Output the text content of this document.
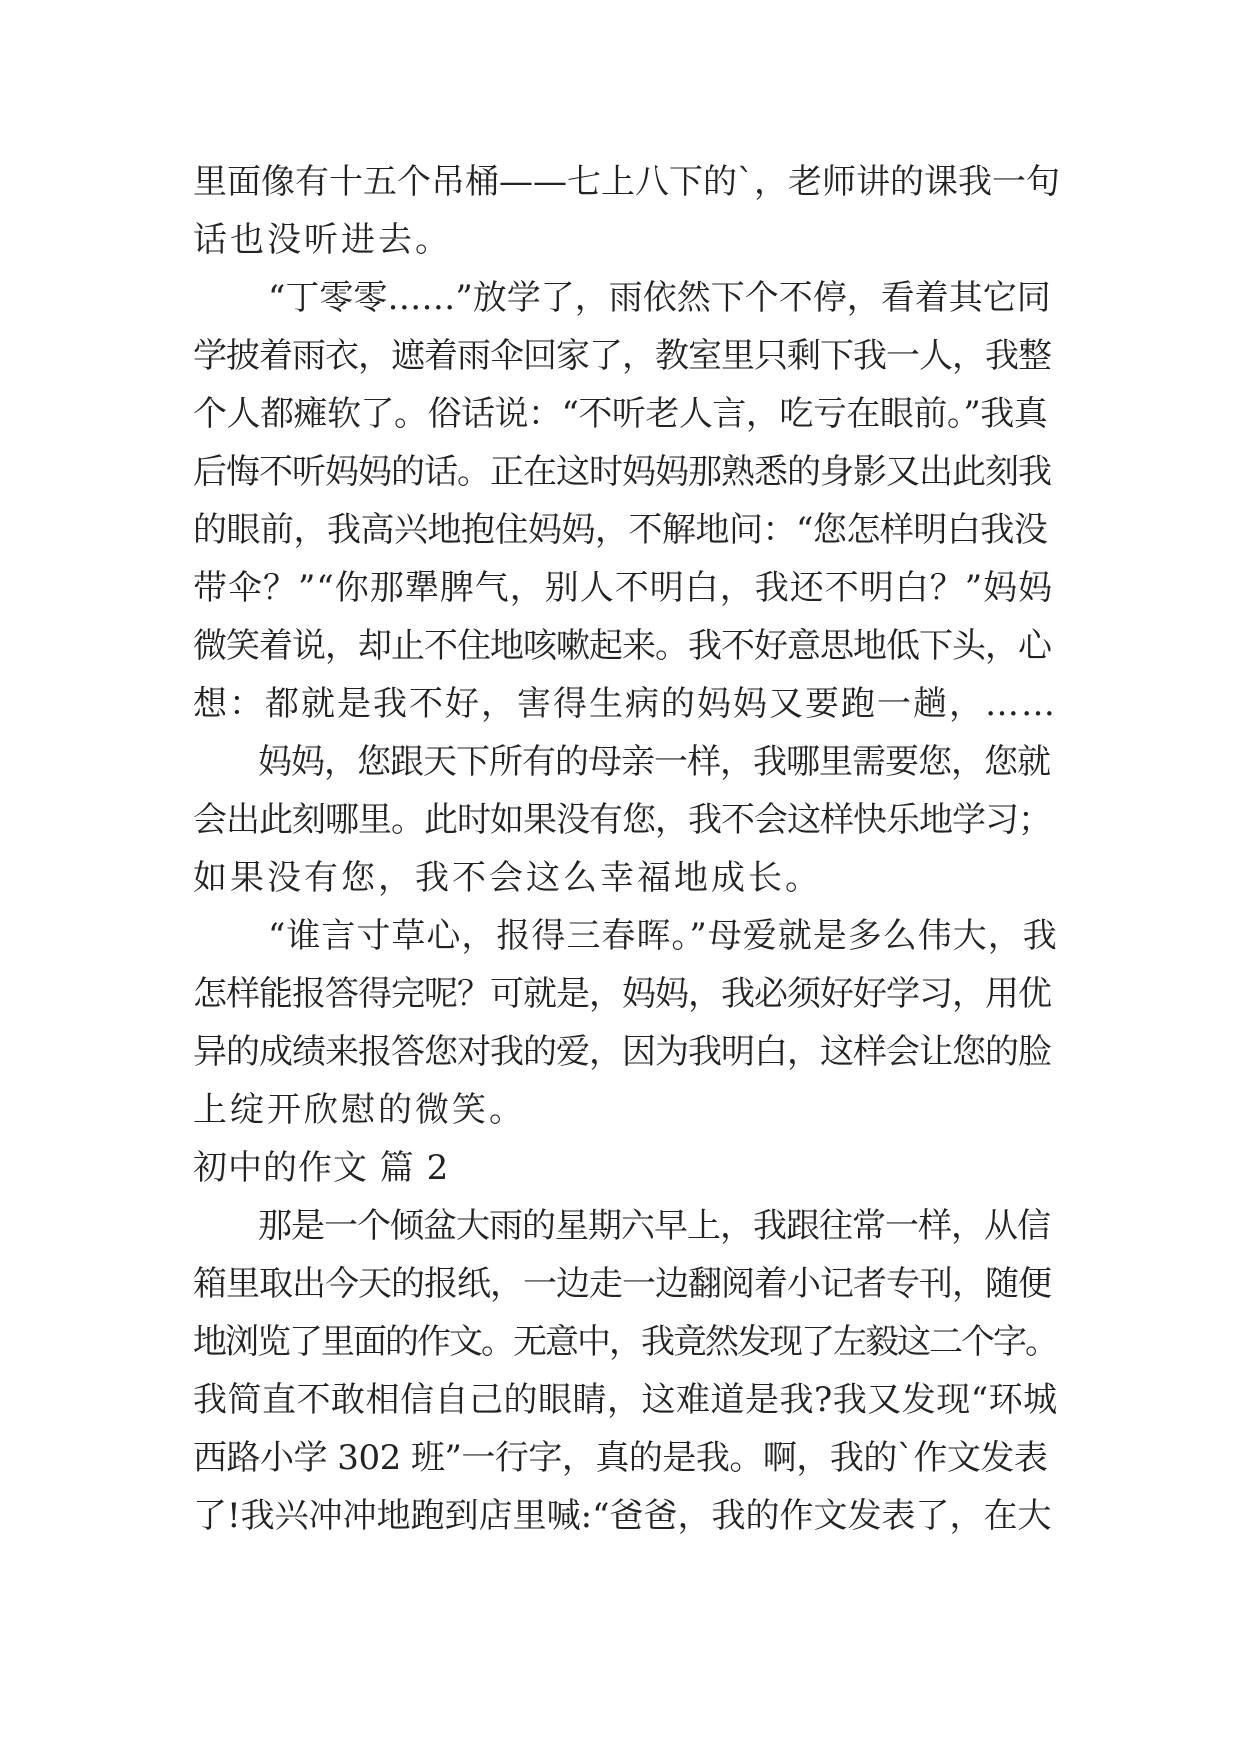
里面像有十五个吊桶——七上八下的`，老师讲的课我一句
话也没听进去。
“丁零零……”放学了，雨依然下个不停，看着其它同
学披着雨衣，遮着雨伞回家了，教室里只剩下我一人，我整
个人都瘫软了。俗话说：“不听老人言，吃亏在眼前。”我真
后悔不听妈妈的话。正在这时妈妈那熟悉的身影又出此刻我
的眼前，我高兴地抱住妈妈，不解地问：“您怎样明白我没
带伞？”“你那犟脾气，别人不明白，我还不明白？”妈妈
微笑着说，却止不住地咳嗽起来。我不好意思地低下头，心
想：都就是我不好，害得生病的妈妈又要跑一趟，……
妈妈，您跟天下所有的母亲一样，我哪里需要您，您就
会出此刻哪里。此时如果没有您，我不会这样快乐地学习；
如果没有您，我不会这么幸福地成长。
“谁言寸草心，报得三春晖。”母爱就是多么伟大，我
怎样能报答得完呢？可就是，妈妈，我必须好好学习，用优
异的成绩来报答您对我的爱，因为我明白，这样会让您的脸
上绽开欣慰的微笑。
初中的作文 篇 2
那是一个倾盆大雨的星期六早上，我跟往常一样，从信
箱里取出今天的报纸，一边走一边翻阅着小记者专刊，随便
地浏览了里面的作文。无意中，我竟然发现了左毅这二个字。
我简直不敢相信自己的眼睛，这难道是我?我又发现“环城
西路小学 302 班”一行字，真的是我。啊，我的`作文发表
了!我兴冲冲地跑到店里喊:“爸爸，我的作文发表了，在大
